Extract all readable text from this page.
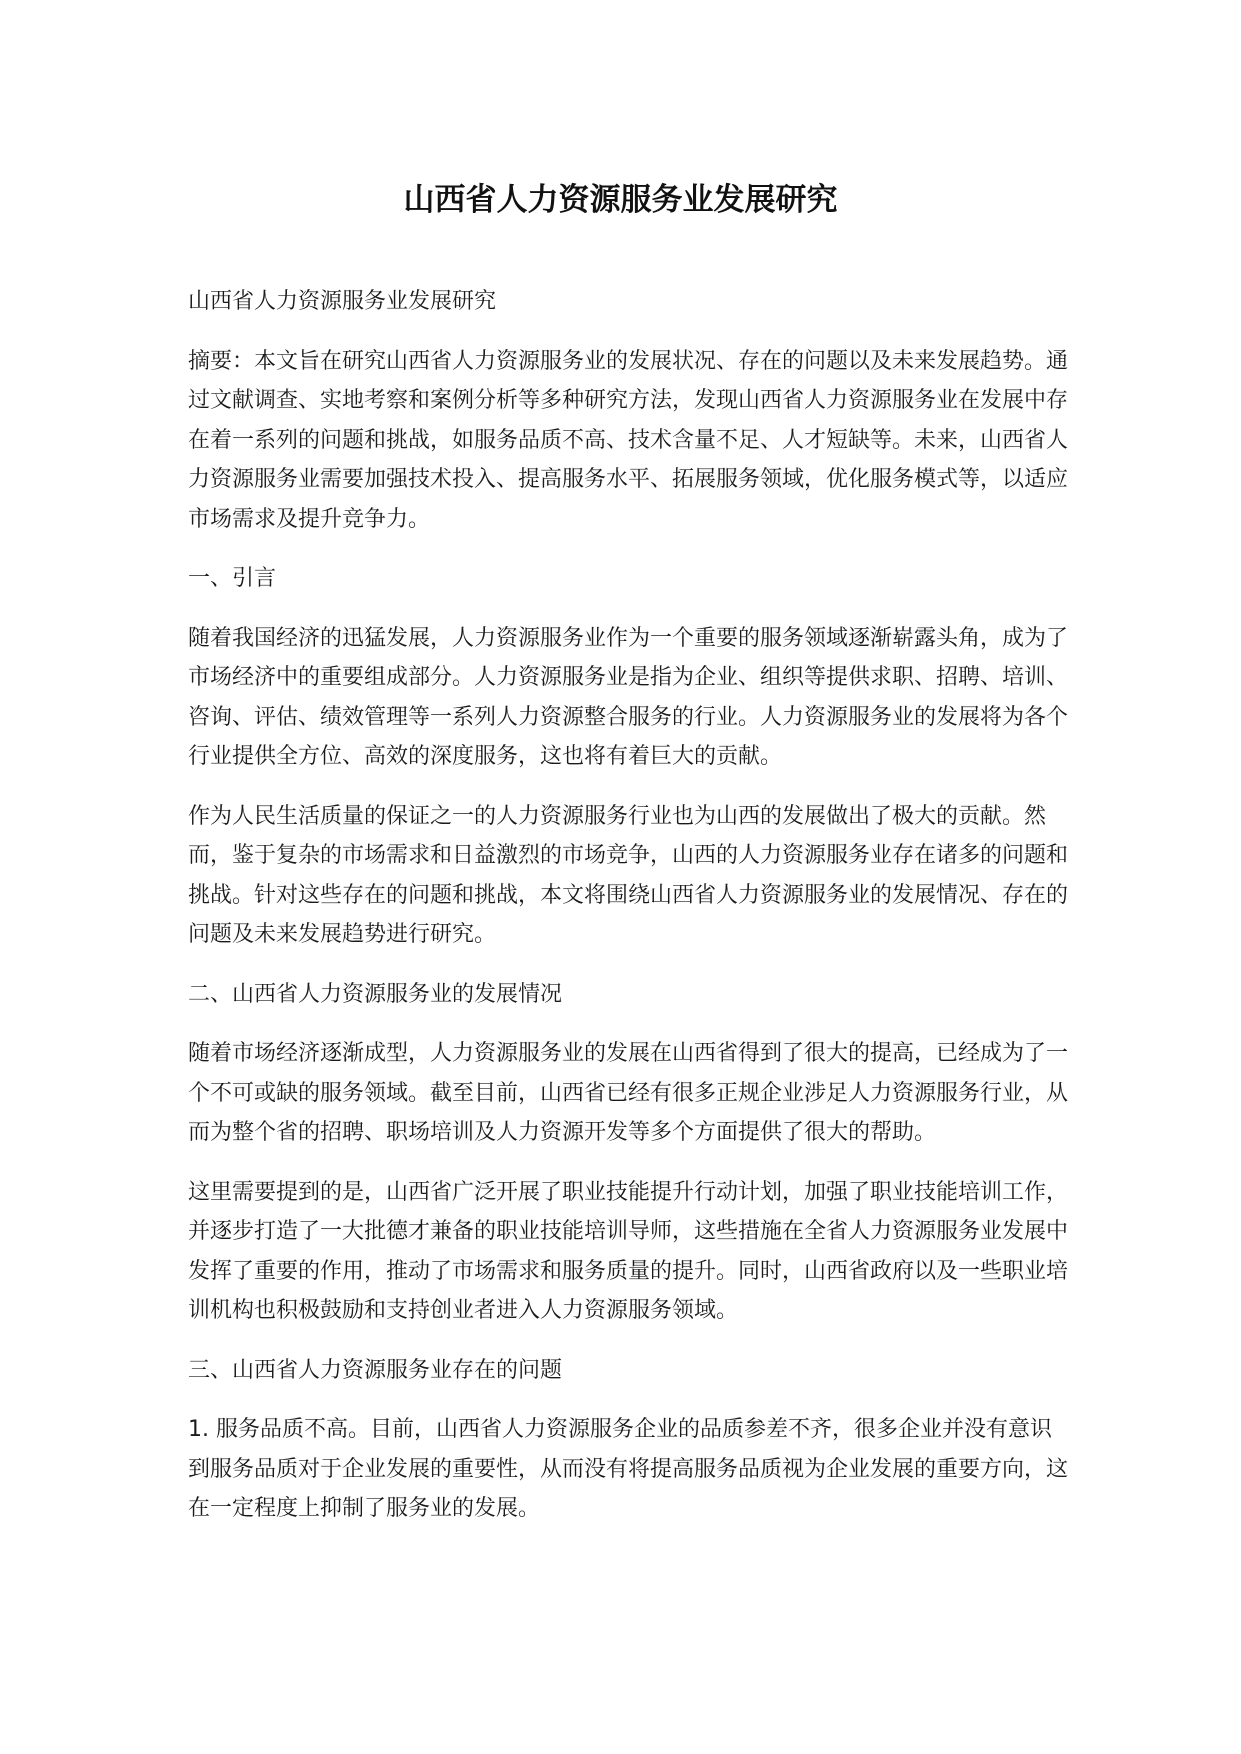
山西省人力资源服务业发展研究

山西省人力资源服务业发展研究

摘要：本文旨在研究山西省人力资源服务业的发展状况、存在的问题以及未来发展趋势。通过文献调查、实地考察和案例分析等多种研究方法，发现山西省人力资源服务业在发展中存在着一系列的问题和挑战，如服务品质不高、技术含量不足、人才短缺等。未来，山西省人力资源服务业需要加强技术投入、提高服务水平、拓展服务领域，优化服务模式等，以适应市场需求及提升竞争力。

一、引言

随着我国经济的迅猛发展，人力资源服务业作为一个重要的服务领域逐渐崭露头角，成为了市场经济中的重要组成部分。人力资源服务业是指为企业、组织等提供求职、招聘、培训、咨询、评估、绩效管理等一系列人力资源整合服务的行业。人力资源服务业的发展将为各个行业提供全方位、高效的深度服务，这也将有着巨大的贡献。

作为人民生活质量的保证之一的人力资源服务行业也为山西的发展做出了极大的贡献。然而，鉴于复杂的市场需求和日益激烈的市场竞争，山西的人力资源服务业存在诸多的问题和挑战。针对这些存在的问题和挑战，本文将围绕山西省人力资源服务业的发展情况、存在的问题及未来发展趋势进行研究。

二、山西省人力资源服务业的发展情况

随着市场经济逐渐成型，人力资源服务业的发展在山西省得到了很大的提高，已经成为了一个不可或缺的服务领域。截至目前，山西省已经有很多正规企业涉足人力资源服务行业，从而为整个省的招聘、职场培训及人力资源开发等多个方面提供了很大的帮助。

这里需要提到的是，山西省广泛开展了职业技能提升行动计划，加强了职业技能培训工作，并逐步打造了一大批德才兼备的职业技能培训导师，这些措施在全省人力资源服务业发展中发挥了重要的作用，推动了市场需求和服务质量的提升。同时，山西省政府以及一些职业培训机构也积极鼓励和支持创业者进入人力资源服务领域。

三、山西省人力资源服务业存在的问题

1. 服务品质不高。目前，山西省人力资源服务企业的品质参差不齐，很多企业并没有意识到服务品质对于企业发展的重要性，从而没有将提高服务品质视为企业发展的重要方向，这在一定程度上抑制了服务业的发展。
